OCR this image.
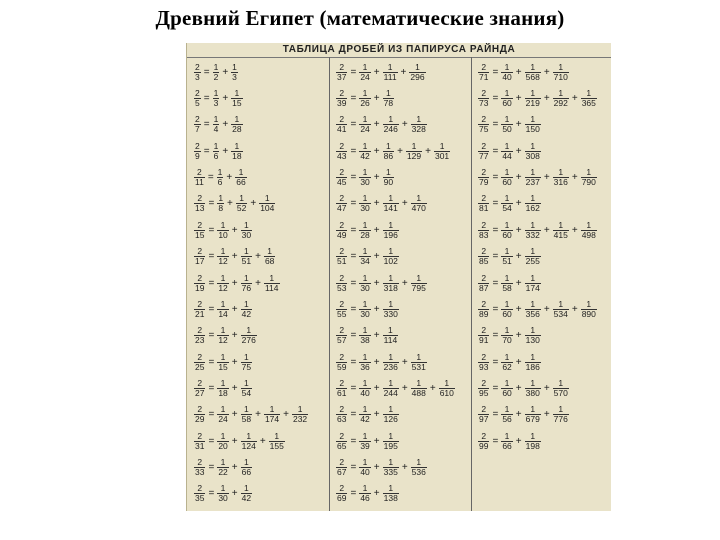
Древний Египет (математические знания)
ТАБЛИЦА ДРОБЕЙ ИЗ ПАПИРУСА РАЙНДА
$\frac{2}{3} = \frac{1}{2} + \frac{1}{3}$
$\frac{2}{5} = \frac{1}{3} + \frac{1}{15}$
$\frac{2}{7} = \frac{1}{4} + \frac{1}{28}$
$\frac{2}{9} = \frac{1}{6} + \frac{1}{18}$
$\frac{2}{11} = \frac{1}{6} + \frac{1}{66}$
$\frac{2}{13} = \frac{1}{8} + \frac{1}{52} + \frac{1}{104}$
$\frac{2}{15} = \frac{1}{10} + \frac{1}{30}$
$\frac{2}{17} = \frac{1}{12} + \frac{1}{51} + \frac{1}{68}$
$\frac{2}{19} = \frac{1}{12} + \frac{1}{76} + \frac{1}{114}$
$\frac{2}{21} = \frac{1}{14} + \frac{1}{42}$
$\frac{2}{23} = \frac{1}{12} + \frac{1}{276}$
$\frac{2}{25} = \frac{1}{15} + \frac{1}{75}$
$\frac{2}{27} = \frac{1}{18} + \frac{1}{54}$
$\frac{2}{29} = \frac{1}{24} + \frac{1}{58} + \frac{1}{174} + \frac{1}{232}$
$\frac{2}{31} = \frac{1}{20} + \frac{1}{124} + \frac{1}{155}$
$\frac{2}{33} = \frac{1}{22} + \frac{1}{66}$
$\frac{2}{35} = \frac{1}{30} + \frac{1}{42}$
$\frac{2}{37} = \frac{1}{24} + \frac{1}{111} + \frac{1}{296}$
$\frac{2}{39} = \frac{1}{26} + \frac{1}{78}$
$\frac{2}{41} = \frac{1}{24} + \frac{1}{246} + \frac{1}{328}$
$\frac{2}{43} = \frac{1}{42} + \frac{1}{86} + \frac{1}{129} + \frac{1}{301}$
$\frac{2}{45} = \frac{1}{30} + \frac{1}{90}$
$\frac{2}{47} = \frac{1}{30} + \frac{1}{141} + \frac{1}{470}$
$\frac{2}{49} = \frac{1}{28} + \frac{1}{196}$
$\frac{2}{51} = \frac{1}{34} + \frac{1}{102}$
$\frac{2}{53} = \frac{1}{30} + \frac{1}{318} + \frac{1}{795}$
$\frac{2}{55} = \frac{1}{30} + \frac{1}{330}$
$\frac{2}{57} = \frac{1}{38} + \frac{1}{114}$
$\frac{2}{59} = \frac{1}{36} + \frac{1}{236} + \frac{1}{531}$
$\frac{2}{61} = \frac{1}{40} + \frac{1}{244} + \frac{1}{488} + \frac{1}{610}$
$\frac{2}{63} = \frac{1}{42} + \frac{1}{126}$
$\frac{2}{65} = \frac{1}{39} + \frac{1}{195}$
$\frac{2}{67} = \frac{1}{40} + \frac{1}{335} + \frac{1}{536}$
$\frac{2}{69} = \frac{1}{46} + \frac{1}{138}$
$\frac{2}{71} = \frac{1}{40} + \frac{1}{568} + \frac{1}{710}$
$\frac{2}{73} = \frac{1}{60} + \frac{1}{219} + \frac{1}{292} + \frac{1}{365}$
$\frac{2}{75} = \frac{1}{50} + \frac{1}{150}$
$\frac{2}{77} = \frac{1}{44} + \frac{1}{308}$
$\frac{2}{79} = \frac{1}{60} + \frac{1}{237} + \frac{1}{316} + \frac{1}{790}$
$\frac{2}{81} = \frac{1}{54} + \frac{1}{162}$
$\frac{2}{83} = \frac{1}{60} + \frac{1}{332} + \frac{1}{415} + \frac{1}{498}$
$\frac{2}{85} = \frac{1}{51} + \frac{1}{255}$
$\frac{2}{87} = \frac{1}{58} + \frac{1}{174}$
$\frac{2}{89} = \frac{1}{60} + \frac{1}{356} + \frac{1}{534} + \frac{1}{890}$
$\frac{2}{91} = \frac{1}{70} + \frac{1}{130}$
$\frac{2}{93} = \frac{1}{62} + \frac{1}{186}$
$\frac{2}{95} = \frac{1}{60} + \frac{1}{380} + \frac{1}{570}$
$\frac{2}{97} = \frac{1}{56} + \frac{1}{679} + \frac{1}{776}$
$\frac{2}{99} = \frac{1}{66} + \frac{1}{198}$
